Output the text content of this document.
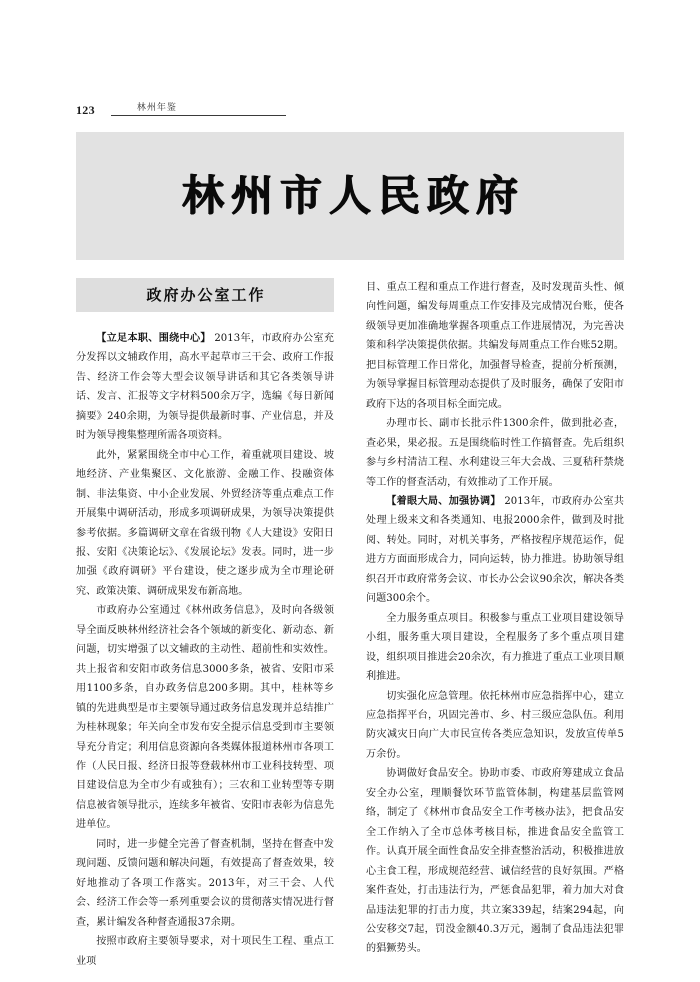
123	林州年鉴
林州市人民政府
政府办公室工作

【立足本职、围绕中心】 2013年，市政府办公室充分发挥以文辅政作用，高水平起草市三干会、政府工作报告、经济工作会等大型会议领导讲话和其它各类领导讲话、发言、汇报等文字材料500余万字，选编《每日新闻摘要》240余期，为领导提供最新时事、产业信息，并及时为领导搜集整理所需各项资料。

此外，紧紧围绕全市中心工作，着重就项目建设、坡地经济、产业集聚区、文化旅游、金融工作、投融资体制、非法集资、中小企业发展、外贸经济等重点难点工作开展集中调研活动，形成多项调研成果，为领导决策提供参考依据。多篇调研文章在省级刊物《人大建设》安阳日报、安阳《决策论坛》、《发展论坛》发表。同时，进一步加强《政府调研》平台建设，使之逐步成为全市理论研究、政策决策、调研成果发布新高地。

市政府办公室通过《林州政务信息》，及时向各级领导全面反映林州经济社会各个领域的新变化、新动态、新问题，切实增强了以文辅政的主动性、超前性和实效性。共上报省和安阳市政务信息3000多条，被省、安阳市采用1100多条，自办政务信息200多期。其中，桂林等乡镇的先进典型是市主要领导通过政务信息发现并总结推广为桂林现象；年关向全市发布安全提示信息受到市主要领导充分肯定；利用信息资源向各类媒体报道林州市各项工作（人民日报、经济日报等登载林州市工业科技转型、项目建设信息为全市少有或独有）；三农和工业转型等专期信息被省领导批示，连续多年被省、安阳市表彰为信息先进单位。

同时，进一步健全完善了督查机制，坚持在督查中发现问题、反馈问题和解决问题，有效提高了督查效果，较好地推动了各项工作落实。2013年，对三干会、人代会、经济工作会等一系列重要会议的贯彻落实情况进行督查，累计编发各种督查通报37余期。

按照市政府主要领导要求，对十项民生工程、重点工业项

目、重点工程和重点工作进行督查，及时发现苗头性、倾向性问题，编发每周重点工作安排及完成情况台账，使各级领导更加准确地掌握各项重点工作进展情况，为完善决策和科学决策提供依据。共编发每周重点工作台账52期。把目标管理工作日常化，加强督导检查，提前分析预测，为领导掌握目标管理动态提供了及时服务，确保了安阳市政府下达的各项目标全面完成。

办理市长、副市长批示件1300余件，做到批必查，查必果，果必报。五是围绕临时性工作搞督查。先后组织参与乡村清洁工程、水利建设三年大会战、三夏秸秆禁烧等工作的督查活动，有效推动了工作开展。

【着眼大局、加强协调】 2013年，市政府办公室共处理上级来文和各类通知、电报2000余件，做到及时批阅、转处。同时，对机关事务，严格按程序规范运作，促进方方面面形成合力，同向运转，协力推进。协助领导组织召开市政府常务会议、市长办公会议90余次，解决各类问题300余个。

全力服务重点项目。积极参与重点工业项目建设领导小组，服务重大项目建设，全程服务了多个重点项目建设，组织项目推进会20余次，有力推进了重点工业项目顺利推进。

切实强化应急管理。依托林州市应急指挥中心，建立应急指挥平台，巩固完善市、乡、村三级应急队伍。利用防灾减灾日向广大市民宣传各类应急知识，发放宣传单5万余份。

协调做好食品安全。协助市委、市政府筹建成立食品安全办公室，理顺餐饮环节监管体制，构建基层监管网络，制定了《林州市食品安全工作考核办法》，把食品安全工作纳入了全市总体考核目标，推进食品安全监管工作。认真开展全面性食品安全排查整治活动，积极推进放心主食工程，形成规范经营、诚信经营的良好氛围。严格案件查处，打击违法行为，严惩食品犯罪，着力加大对食品违法犯罪的打击力度，共立案339起，结案294起，向公安移交7起，罚没金额40.3万元，遏制了食品违法犯罪的猖獗势头。
